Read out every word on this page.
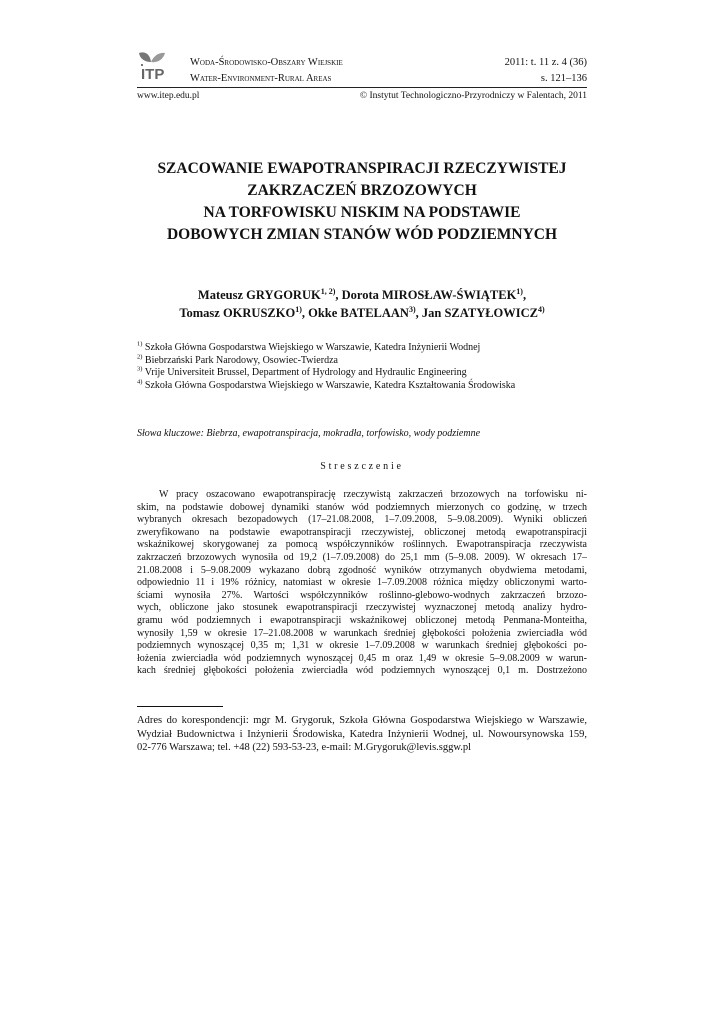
ITP
Woda-Środowisko-Obszary Wiejskie
Water-Environment-Rural Areas
2011: t. 11 z. 4 (36)
s. 121–136
www.itep.edu.pl	© Instytut Technologiczno-Przyrodniczy w Falentach, 2011
SZACOWANIE EWAPOTRANSPIRACJI RZECZYWISTEJ
ZAKRZACZEŃ BRZOZOWYCH
NA TORFOWISKU NISKIM NA PODSTAWIE
DOBOWYCH ZMIAN STANÓW WÓD PODZIEMNYCH
Mateusz GRYGORUK$^{1, 2)}$, Dorota MIROSŁAW-ŚWIĄTEK$^{1)}$,
Tomasz OKRUSZKO$^{1)}$, Okke BATELAAN$^{3)}$, Jan SZATYŁOWICZ$^{4)}$
$^{1)}$ Szkoła Główna Gospodarstwa Wiejskiego w Warszawie, Katedra Inżynierii Wodnej
$^{2)}$ Biebrzański Park Narodowy, Osowiec-Twierdza
$^{3)}$ Vrije Universiteit Brussel, Department of Hydrology and Hydraulic Engineering
$^{4)}$ Szkoła Główna Gospodarstwa Wiejskiego w Warszawie, Katedra Kształtowania Środowiska
Słowa kluczowe: Biebrza, ewapotranspiracja, mokradła, torfowisko, wody podziemne
Streszczenie
W pracy oszacowano ewapotranspirację rzeczywistą zakrzaczeń brzozowych na torfowisku ni-
skim, na podstawie dobowej dynamiki stanów wód podziemnych mierzonych co godzinę, w trzech
wybranych okresach bezopadowych (17–21.08.2008, 1–7.09.2008, 5–9.08.2009). Wyniki obliczeń
zweryfikowano na podstawie ewapotranspiracji rzeczywistej, obliczonej metodą ewapotranspiracji
wskaźnikowej skorygowanej za pomocą współczynników roślinnych. Ewapotranspiracja rzeczywista
zakrzaczeń brzozowych wynosiła od 19,2 (1–7.09.2008) do 25,1 mm (5–9.08. 2009). W okresach 17–
21.08.2008 i 5–9.08.2009 wykazano dobrą zgodność wyników otrzymanych obydwiema metodami,
odpowiednio 11 i 19% różnicy, natomiast w okresie 1–7.09.2008 różnica między obliczonymi warto-
ściami wynosiła 27%. Wartości współczynników roślinno-glebowo-wodnych zakrzaczeń brzozo-
wych, obliczone jako stosunek ewapotranspiracji rzeczywistej wyznaczonej metodą analizy hydro-
gramu wód podziemnych i ewapotranspiracji wskaźnikowej obliczonej metodą Penmana-Monteitha,
wynosiły 1,59 w okresie 17–21.08.2008 w warunkach średniej głębokości położenia zwierciadła wód
podziemnych wynoszącej 0,35 m; 1,31 w okresie 1–7.09.2008 w warunkach średniej głębokości po-
łożenia zwierciadła wód podziemnych wynoszącej 0,45 m oraz 1,49 w okresie 5–9.08.2009 w warun-
kach średniej głębokości położenia zwierciadła wód podziemnych wynoszącej 0,1 m. Dostrzeżono
Adres do korespondencji: mgr M. Grygoruk, Szkoła Główna Gospodarstwa Wiejskiego w Warszawie,
Wydział Budownictwa i Inżynierii Środowiska, Katedra Inżynierii Wodnej, ul. Nowoursynowska 159,
02-776 Warszawa; tel. +48 (22) 593-53-23, e-mail: M.Grygoruk@levis.sggw.pl
